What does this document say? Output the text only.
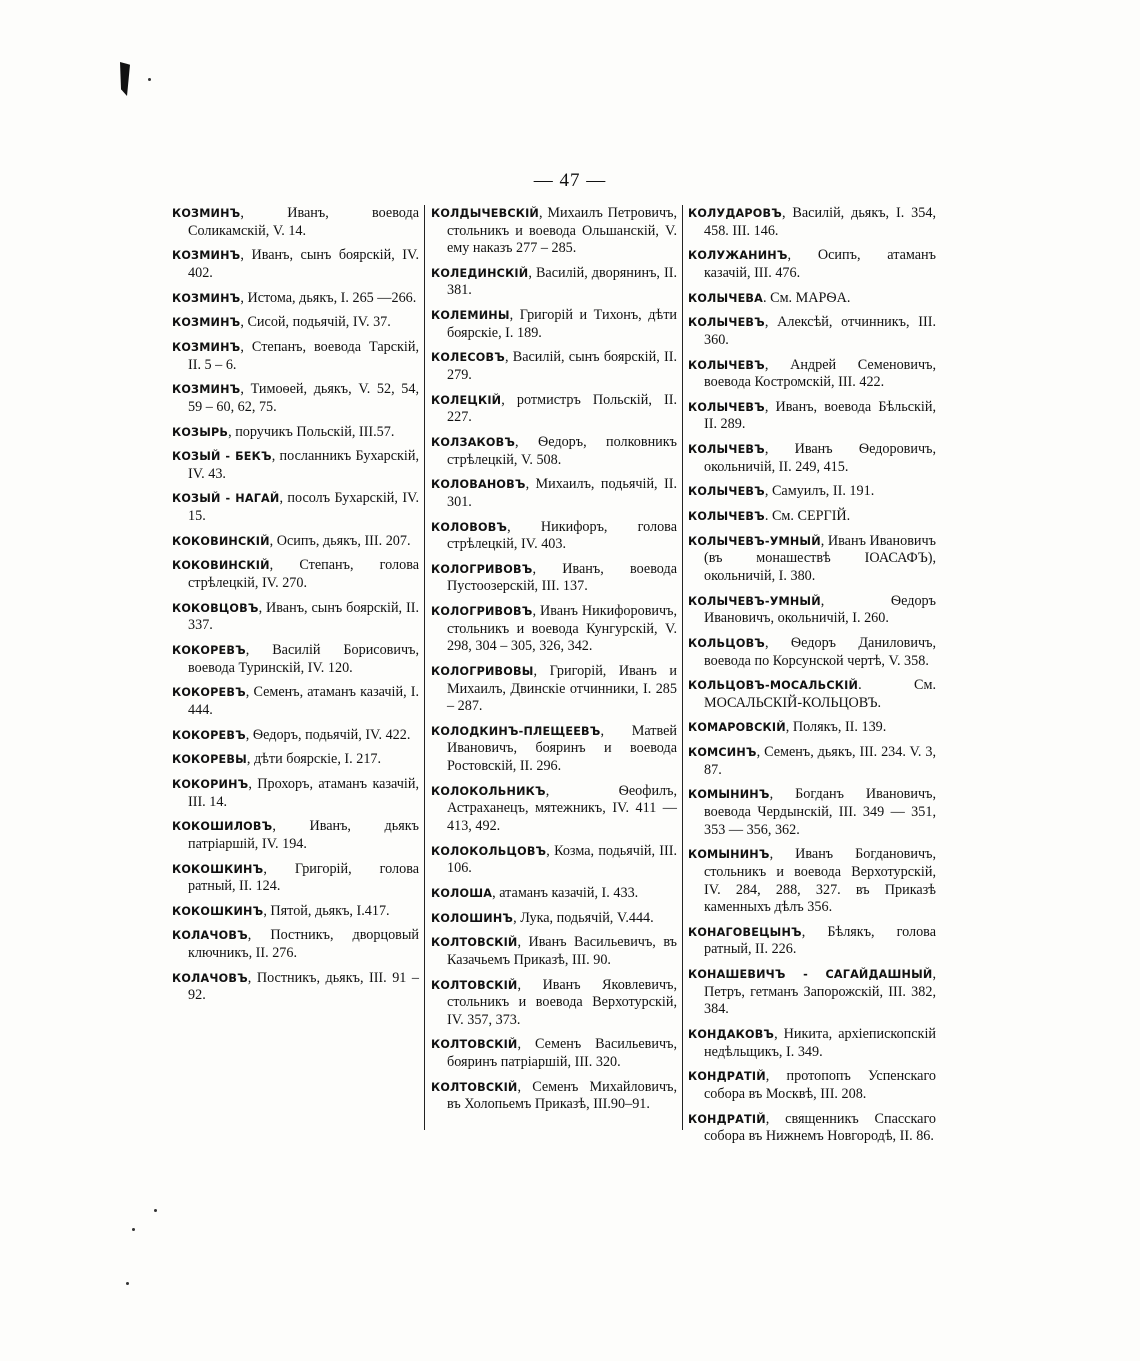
— 47 —

КОЗМИНЪ, Иванъ, воевода Соликамскій, V. 14.

КОЗМИНЪ, Иванъ, сынъ боярскій, IV. 402.

КОЗМИНЪ, Истома, дьякъ, I. 265 —266.

КОЗМИНЪ, Сисой, подьячій, IV. 37.

КОЗМИНЪ, Степанъ, воевода Тарскій, II. 5 – 6.

КОЗМИНЪ, Тимоѳей, дьякъ, V. 52, 54, 59 – 60, 62, 75.

КОЗЫРЬ, поручикъ Польскій, III.57.

КОЗЫЙ - БЕКЪ, посланникъ Бухарскій, IV. 43.

КОЗЫЙ - НАГАЙ, посолъ Бухарскій, IV. 15.

КОКОВИНСКІЙ, Осипъ, дьякъ, III. 207.

КОКОВИНСКІЙ, Степанъ, голова стрѣлецкій, IV. 270.

КОКОВЦОВЪ, Иванъ, сынъ боярскій, II. 337.

КОКОРЕВЪ, Василій Борисовичъ, воевода Туринскій, IV. 120.

КОКОРЕВЪ, Семенъ, атаманъ казачій, I. 444.

КОКОРЕВЪ, Ѳедоръ, подьячій, IV. 422.

КОКОРЕВЫ, дѣти боярскіе, I. 217.

КОКОРИНЪ, Прохоръ, атаманъ казачій, III. 14.

КОКОШИЛОВЪ, Иванъ, дьякъ патріаршій, IV. 194.

КОКОШКИНЪ, Григорій, голова ратный, II. 124.

КОКОШКИНЪ, Пятой, дьякъ, I.417.

КОЛАЧОВЪ, Постникъ, дворцовый ключникъ, II. 276.

КОЛАЧОВЪ, Постникъ, дьякъ, III. 91 – 92.

КОЛДЫЧЕВСКІЙ, Михаилъ Петровичъ, стольникъ и воевода Ольшанскій, V. ему наказъ 277 – 285.

КОЛЕДИНСКІЙ, Василій, дворянинъ, II. 381.

КОЛЕМИНЫ, Григорій и Тихонъ, дѣти боярскіе, I. 189.

КОЛЕСОВЪ, Василій, сынъ боярскій, II. 279.

КОЛЕЦКІЙ, ротмистръ Польскій, II. 227.

КОЛЗАКОВЪ, Ѳедоръ, полковникъ стрѣлецкій, V. 508.

КОЛОВАНОВЪ, Михаилъ, подьячій, II. 301.

КОЛОВОВЪ, Никифоръ, голова стрѣлецкій, IV. 403.

КОЛОГРИВОВЪ, Иванъ, воевода Пустоозерскій, III. 137.

КОЛОГРИВОВЪ, Иванъ Никифоровичъ, стольникъ и воевода Кунгурскій, V. 298, 304 – 305, 326, 342.

КОЛОГРИВОВЫ, Григорій, Иванъ и Михаилъ, Двинскіе отчинники, I. 285 – 287.

КОЛОДКИНЪ-ПЛЕЩЕЕВЪ, Матвей Ивановичъ, бояринъ и воевода Ростовскій, II. 296.

КОЛОКОЛЬНИКЪ, Ѳеофилъ, Астраханецъ, мятежникъ, IV. 411 — 413, 492.

КОЛОКОЛЬЦОВЪ, Козма, подьячій, III. 106.

КОЛОША, атаманъ казачій, I. 433.

КОЛОШИНЪ, Лука, подьячій, V.444.

КОЛТОВСКІЙ, Иванъ Васильевичъ, въ Казачьемъ Приказѣ, III. 90.

КОЛТОВСКІЙ, Иванъ Яковлевичъ, стольникъ и воевода Верхотурскій, IV. 357, 373.

КОЛТОВСКІЙ, Семенъ Васильевичъ, бояринъ патріаршій, III. 320.

КОЛТОВСКІЙ, Семенъ Михайловичъ, въ Холопьемъ Приказѣ, III.90–91.

КОЛУДАРОВЪ, Василій, дьякъ, I. 354, 458. III. 146.

КОЛУЖАНИНЪ, Осипъ, атаманъ казачій, III. 476.

КОЛЫЧЕВА. См. МАРѲА.

КОЛЫЧЕВЪ, Алексѣй, отчинникъ, III. 360.

КОЛЫЧЕВЪ, Андрей Семеновичъ, воевода Костромскій, III. 422.

КОЛЫЧЕВЪ, Иванъ, воевода Бѣльскій, II. 289.

КОЛЫЧЕВЪ, Иванъ Ѳедоровичъ, окольничій, II. 249, 415.

КОЛЫЧЕВЪ, Самуилъ, II. 191.

КОЛЫЧЕВЪ. См. СЕРГІЙ.

КОЛЫЧЕВЪ-УМНЫЙ, Иванъ Ивановичъ (въ монашествѣ ІОАСАФЪ), окольничій, I. 380.

КОЛЫЧЕВЪ-УМНЫЙ, Ѳедоръ Ивановичъ, окольничій, I. 260.

КОЛЬЦОВЪ, Ѳедоръ Даниловичъ, воевода по Корсунской чертѣ, V. 358.

КОЛЬЦОВЪ-МОСАЛЬСКІЙ. См. МОСАЛЬСКІЙ-КОЛЬЦОВЪ.

КОМАРОВСКІЙ, Полякъ, II. 139.

КОМСИНЪ, Семенъ, дьякъ, III. 234. V. 3, 87.

КОМЫНИНЪ, Богданъ Ивановичъ, воевода Чердынскій, III. 349 — 351, 353 — 356, 362.

КОМЫНИНЪ, Иванъ Богдановичъ, стольникъ и воевода Верхотурскій, IV. 284, 288, 327. въ Приказѣ каменныхъ дѣлъ 356.

КОНАГОВЕЦЫНЪ, Бѣлякъ, голова ратный, II. 226.

КОНАШЕВИЧЪ - САГАЙДАШНЫЙ, Петръ, гетманъ Запорожскій, III. 382, 384.

КОНДАКОВЪ, Никита, архіепископскій недѣльщикъ, I. 349.

КОНДРАТІЙ, протопопъ Успенскаго собора въ Москвѣ, III. 208.

КОНДРАТІЙ, священникъ Спасскаго собора въ Нижнемъ Новгородѣ, II. 86.
